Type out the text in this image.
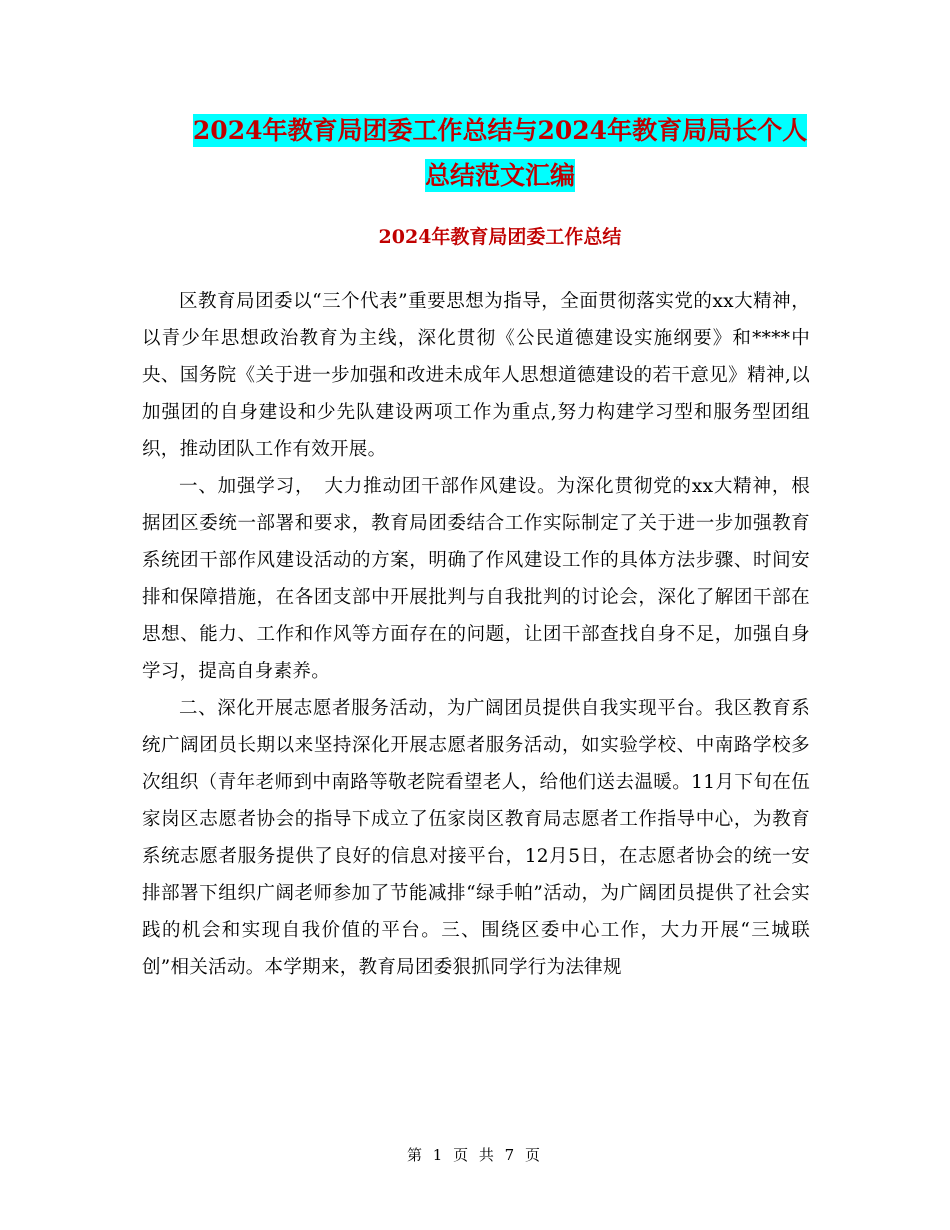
2024年教育局团委工作总结与2024年教育局局长个人
总结范文汇编
2024年教育局团委工作总结

区教育局团委以“三个代表”重要思想为指导，全面贯彻落实党的xx大精神，以青少年思想政治教育为主线，深化贯彻《公民道德建设实施纲要》和****中央、国务院《关于进一步加强和改进未成年人思想道德建设的若干意见》精神,以加强团的自身建设和少先队建设两项工作为重点,努力构建学习型和服务型团组织，推动团队工作有效开展。

一、加强学习，　大力推动团干部作风建设。为深化贯彻党的xx大精神，根据团区委统一部署和要求，教育局团委结合工作实际制定了关于进一步加强教育系统团干部作风建设活动的方案，明确了作风建设工作的具体方法步骤、时间安排和保障措施，在各团支部中开展批判与自我批判的讨论会，深化了解团干部在思想、能力、工作和作风等方面存在的问题，让团干部查找自身不足，加强自身学习，提高自身素养。

二、深化开展志愿者服务活动，为广阔团员提供自我实现平台。我区教育系统广阔团员长期以来坚持深化开展志愿者服务活动，如实验学校、中南路学校多次组织（青年老师到中南路等敬老院看望老人，给他们送去温暖。11月下旬在伍家岗区志愿者协会的指导下成立了伍家岗区教育局志愿者工作指导中心，为教育系统志愿者服务提供了良好的信息对接平台，12月5日，在志愿者协会的统一安排部署下组织广阔老师参加了节能减排“绿手帕”活动，为广阔团员提供了社会实践的机会和实现自我价值的平台。三、围绕区委中心工作，大力开展“三城联创”相关活动。本学期来，教育局团委狠抓同学行为法律规

第 1 页 共 7 页
